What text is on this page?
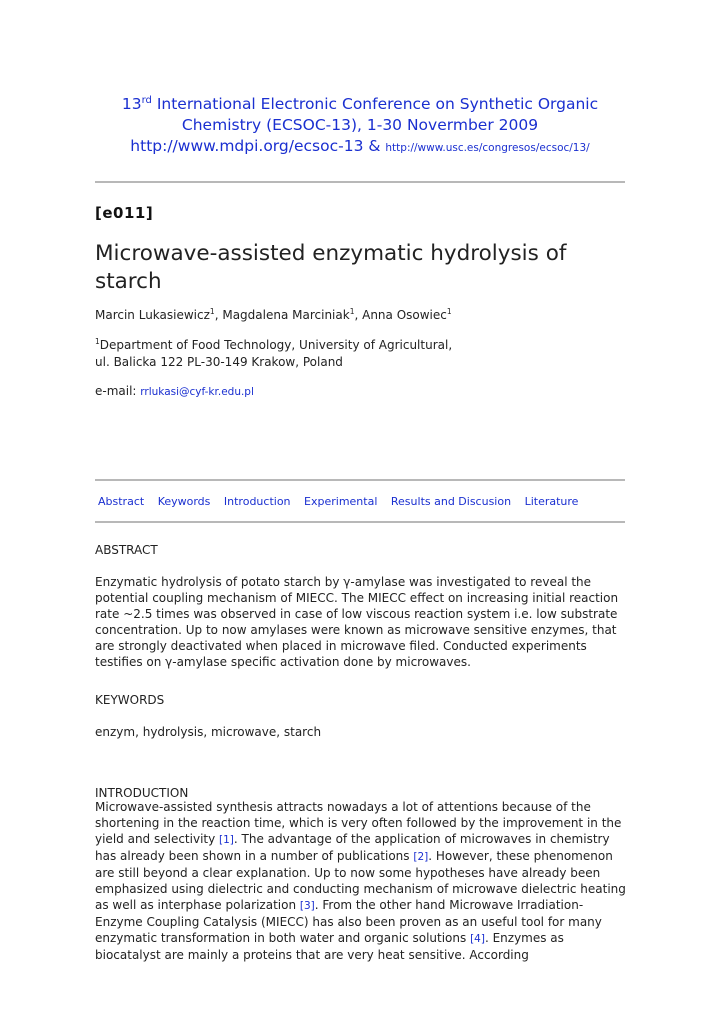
13rd International Electronic Conference on Synthetic Organic
Chemistry (ECSOC-13), 1-30 Novermber 2009
http://www.mdpi.org/ecsoc-13 & http://www.usc.es/congresos/ecsoc/13/
[e011]
Microwave-assisted enzymatic hydrolysis of starch
Marcin Lukasiewicz$^1$, Magdalena Marciniak$^1$, Anna Osowiec$^1$
$^1$Department of Food Technology, University of Agricultural,
ul. Balicka 122 PL-30-149 Krakow, Poland
e-mail: rrlukasi@cyf-kr.edu.pl
Abstract Keywords Introduction Experimental Results and Discusion Literature
ABSTRACT
Enzymatic hydrolysis of potato starch by γ-amylase was investigated to reveal the potential coupling mechanism of MIECC. The MIECC effect on increasing initial reaction rate ~2.5 times was observed in case of low viscous reaction system i.e. low substrate concentration. Up to now amylases were known as microwave sensitive enzymes, that are strongly deactivated when placed in microwave filed. Conducted experiments testifies on γ-amylase specific activation done by microwaves.
KEYWORDS
enzym, hydrolysis, microwave, starch
INTRODUCTION
Microwave-assisted synthesis attracts nowadays a lot of attentions because of the shortening in the reaction time, which is very often followed by the improvement in the yield and selectivity [1]. The advantage of the application of microwaves in chemistry has already been shown in a number of publications [2]. However, these phenomenon are still beyond a clear explanation. Up to now some hypotheses have already been emphasized using dielectric and conducting mechanism of microwave dielectric heating as well as interphase polarization [3]. From the other hand Microwave Irradiation-Enzyme Coupling Catalysis (MIECC) has also been proven as an useful tool for many enzymatic transformation in both water and organic solutions [4]. Enzymes as biocatalyst are mainly a proteins that are very heat sensitive. According
